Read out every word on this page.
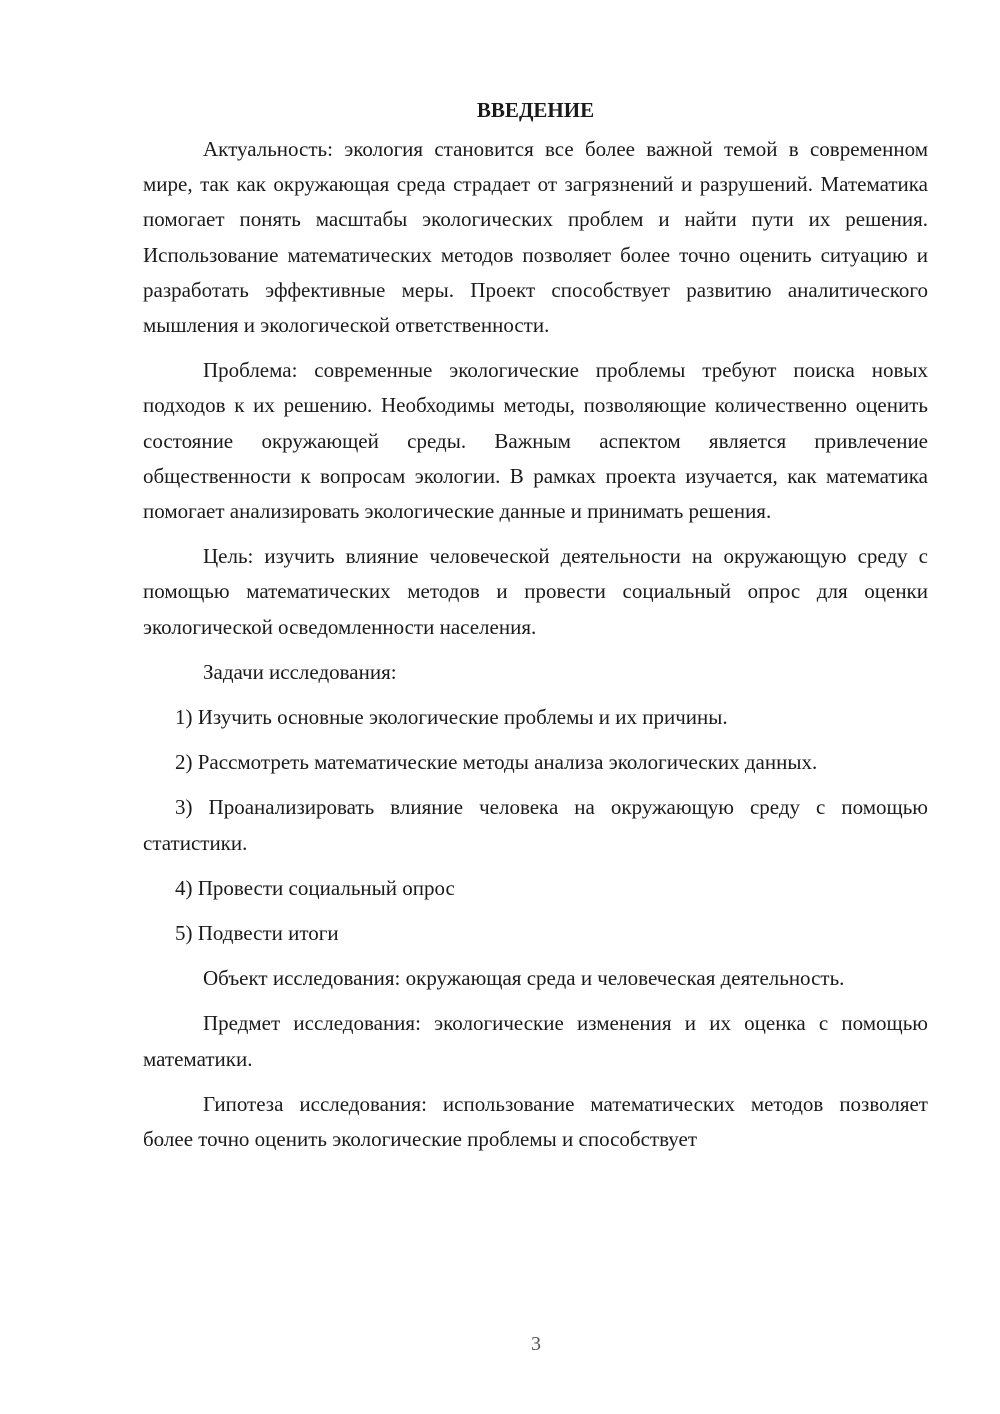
ВВЕДЕНИЕ

Актуальность: экология становится все более важной темой в современном мире, так как окружающая среда страдает от загрязнений и разрушений. Математика помогает понять масштабы экологических проблем и найти пути их решения. Использование математических методов позволяет более точно оценить ситуацию и разработать эффективные меры. Проект способствует развитию аналитического мышления и экологической ответственности.

Проблема: современные экологические проблемы требуют поиска новых подходов к их решению. Необходимы методы, позволяющие количественно оценить состояние окружающей среды. Важным аспектом является привлечение общественности к вопросам экологии. В рамках проекта изучается, как математика помогает анализировать экологические данные и принимать решения.

Цель: изучить влияние человеческой деятельности на окружающую среду с помощью математических методов и провести социальный опрос для оценки экологической осведомленности населения.

Задачи исследования:

1) Изучить основные экологические проблемы и их причины.

2) Рассмотреть математические методы анализа экологических данных.

3) Проанализировать влияние человека на окружающую среду с помощью статистики.

4) Провести социальный опрос

5) Подвести итоги

Объект исследования: окружающая среда и человеческая деятельность.

Предмет исследования: экологические изменения и их оценка с помощью математики.

Гипотеза исследования: использование математических методов позволяет более точно оценить экологические проблемы и способствует

3
